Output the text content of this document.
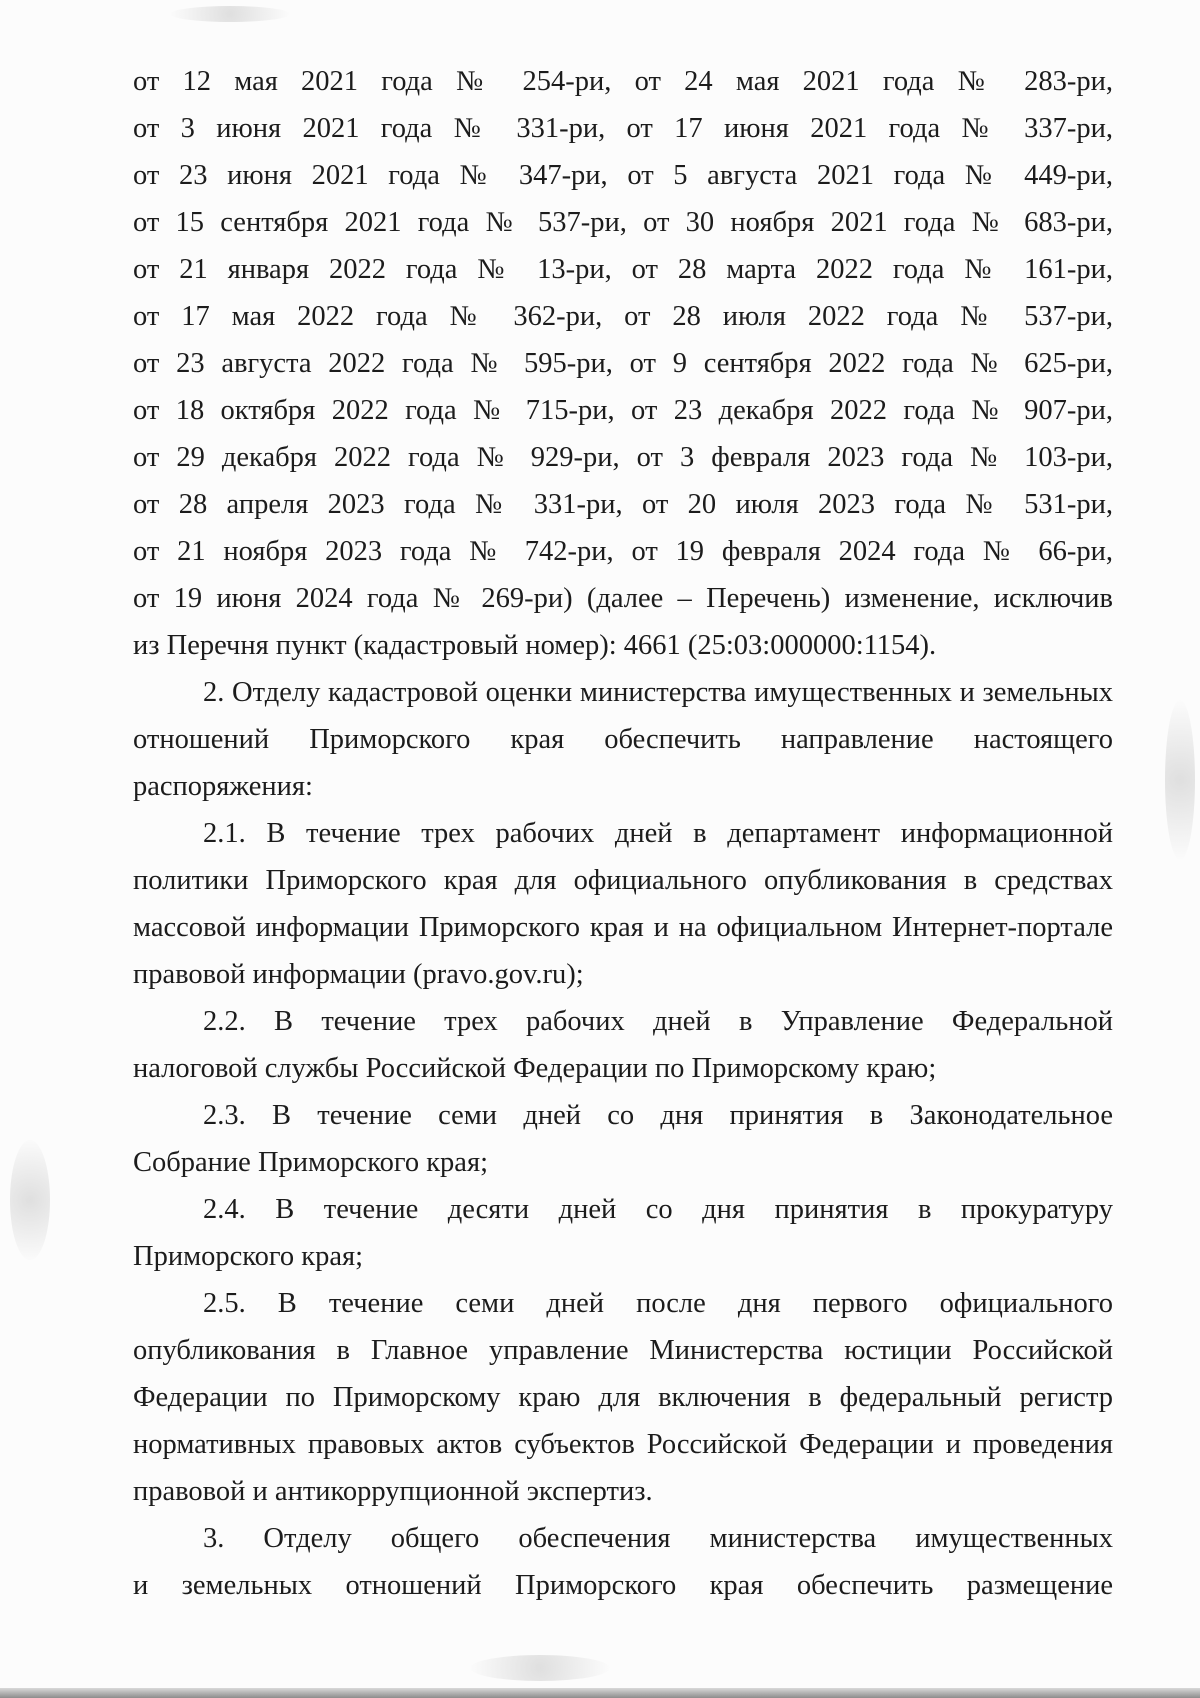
от 12 мая 2021 года № 254-ри, от 24 мая 2021 года № 283-ри,
от 3 июня 2021 года № 331-ри, от 17 июня 2021 года № 337-ри,
от 23 июня 2021 года № 347-ри, от 5 августа 2021 года № 449-ри,
от 15 сентября 2021 года № 537-ри, от 30 ноября 2021 года № 683-ри,
от 21 января 2022 года № 13-ри, от 28 марта 2022 года № 161-ри,
от 17 мая 2022 года № 362-ри, от 28 июля 2022 года № 537-ри,
от 23 августа 2022 года № 595-ри, от 9 сентября 2022 года № 625-ри,
от 18 октября 2022 года № 715-ри, от 23 декабря 2022 года № 907-ри,
от 29 декабря 2022 года № 929-ри, от 3 февраля 2023 года № 103-ри,
от 28 апреля 2023 года № 331-ри, от 20 июля 2023 года № 531-ри,
от 21 ноября 2023 года № 742-ри, от 19 февраля 2024 года № 66-ри,
от 19 июня 2024 года № 269-ри) (далее – Перечень) изменение, исключив
из Перечня пункт (кадастровый номер): 4661 (25:03:000000:1154).
2. Отделу кадастровой оценки министерства имущественных и земельных
отношений Приморского края обеспечить направление настоящего
распоряжения:
2.1. В течение трех рабочих дней в департамент информационной
политики Приморского края для официального опубликования в средствах
массовой информации Приморского края и на официальном Интернет-портале
правовой информации (pravo.gov.ru);
2.2. В течение трех рабочих дней в Управление Федеральной
налоговой службы Российской Федерации по Приморскому краю;
2.3. В течение семи дней со дня принятия в Законодательное
Собрание Приморского края;
2.4. В течение десяти дней со дня принятия в прокуратуру
Приморского края;
2.5. В течение семи дней после дня первого официального
опубликования в Главное управление Министерства юстиции Российской
Федерации по Приморскому краю для включения в федеральный регистр
нормативных правовых актов субъектов Российской Федерации и проведения
правовой и антикоррупционной экспертиз.
3. Отделу общего обеспечения министерства имущественных
и земельных отношений Приморского края обеспечить размещение
